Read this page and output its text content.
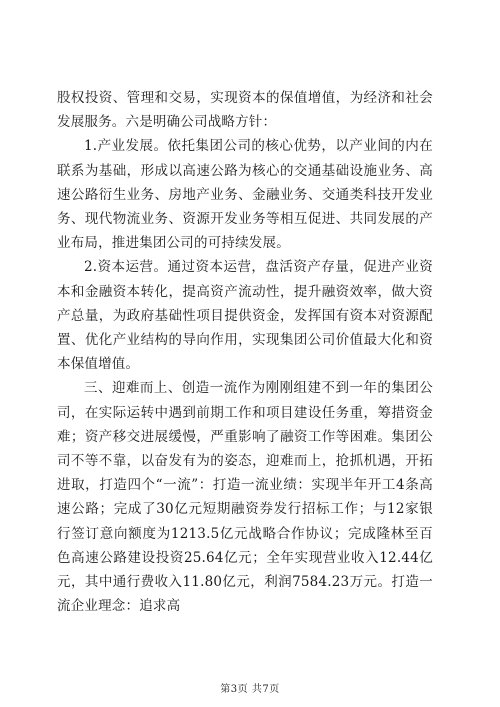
股权投资、管理和交易，实现资本的保值增值，为经济和社会发展服务。六是明确公司战略方针：

1.产业发展。依托集团公司的核心优势，以产业间的内在联系为基础，形成以高速公路为核心的交通基础设施业务、高速公路衍生业务、房地产业务、金融业务、交通类科技开发业务、现代物流业务、资源开发业务等相互促进、共同发展的产业布局，推进集团公司的可持续发展。

2.资本运营。通过资本运营，盘活资产存量，促进产业资本和金融资本转化，提高资产流动性，提升融资效率，做大资产总量，为政府基础性项目提供资金，发挥国有资本对资源配置、优化产业结构的导向作用，实现集团公司价值最大化和资本保值增值。

三、迎难而上、创造一流作为刚刚组建不到一年的集团公司，在实际运转中遇到前期工作和项目建设任务重，筹措资金难；资产移交进展缓慢，严重影响了融资工作等困难。集团公司不等不靠，以奋发有为的姿态，迎难而上，抢抓机遇，开拓进取，打造四个“一流”：打造一流业绩：实现半年开工4条高速公路；完成了30亿元短期融资券发行招标工作；与12家银行签订意向额度为1213.5亿元战略合作协议；完成隆林至百色高速公路建设投资25.64亿元；全年实现营业收入12.44亿元，其中通行费收入11.80亿元，利润7584.23万元。打造一流企业理念：追求高

第3页 共7页
